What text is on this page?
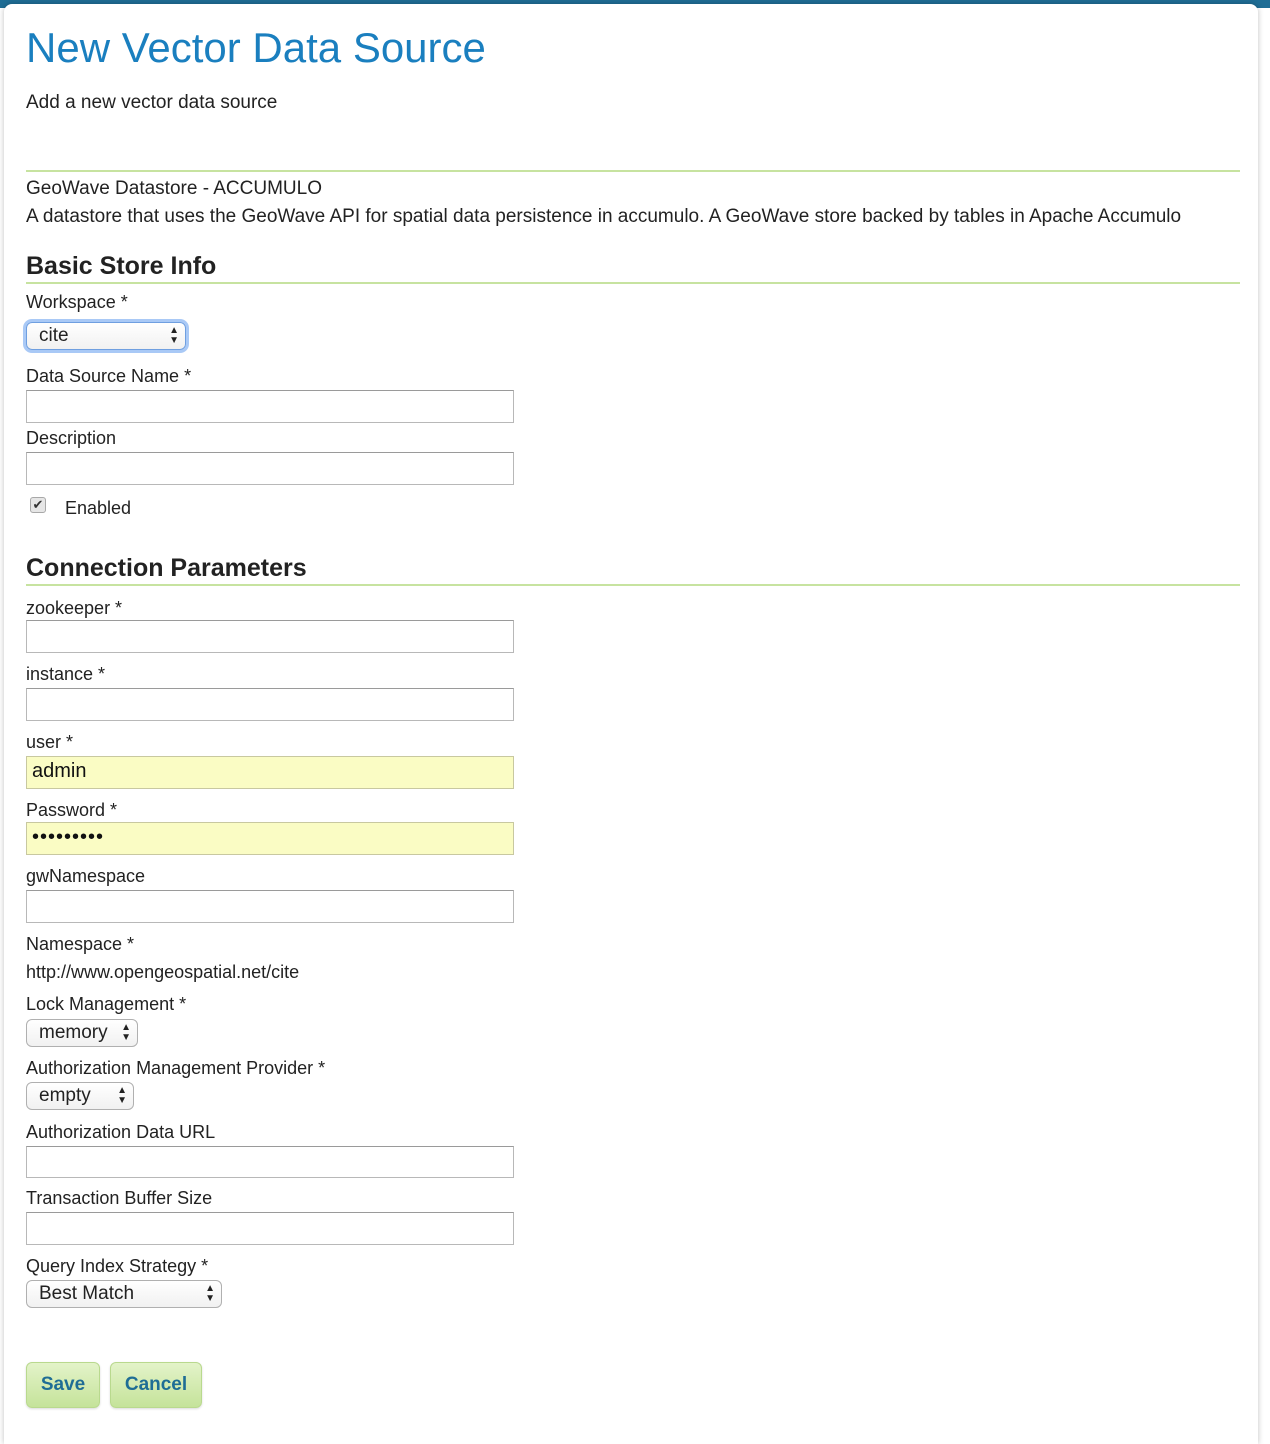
New Vector Data Source
Add a new vector data source
GeoWave Datastore - ACCUMULO
A datastore that uses the GeoWave API for spatial data persistence in accumulo. A GeoWave store backed by tables in Apache Accumulo
Basic Store Info
Workspace *
cite	▲
▼
Data Source Name *
Description
✔ Enabled
Connection Parameters
zookeeper *
instance *
user *
admin
Password *
•••••••••
gwNamespace
Namespace *
http://www.opengeospatial.net/cite
Lock Management *
memory ▲
▼
Authorization Management Provider *
empty	▲
▼
Authorization Data URL
Transaction Buffer Size
Query Index Strategy *
Best Match	▲
▼
Save	Cancel
